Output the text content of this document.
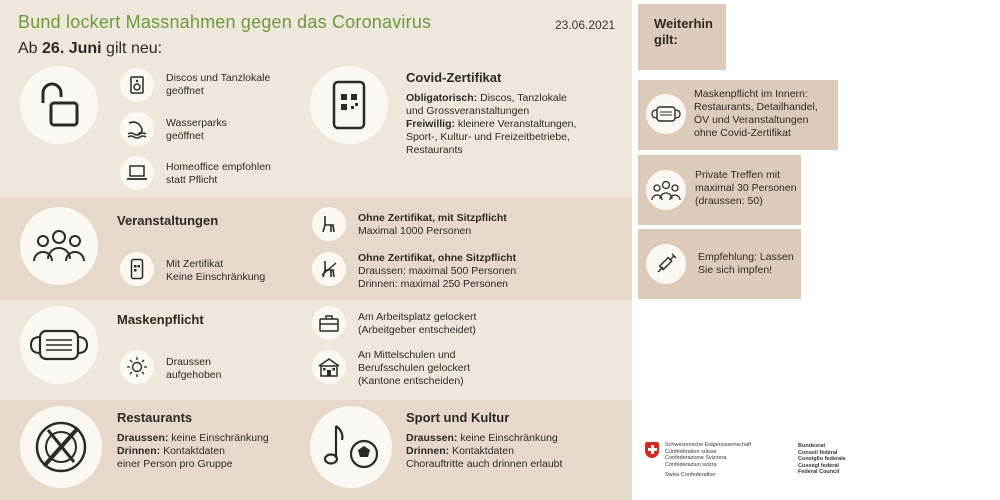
Bund lockert Massnahmen gegen das Coronavirus	23.06.2021
Ab 26. Juni gilt neu:
Discos und Tanzlokale
geöffnet
Wasserparks
geöffnet
Homeoffice empfohlen
statt Pflicht
Covid-Zertifikat
Obligatorisch: Discos, Tanzlokale
und Grossveranstaltungen
Freiwillig: kleinere Veranstaltungen,
Sport-, Kultur- und Freizeitbetriebe,
Restaurants
Veranstaltungen
Mit Zertifikat
Keine Einschränkung
Ohne Zertifikat, mit Sitzpflicht
Maximal 1000 Personen
Ohne Zertifikat, ohne Sitzpflicht
Draussen: maximal 500 Personen
Drinnen: maximal 250 Personen
Maskenpflicht
Draussen
aufgehoben
Am Arbeitsplatz gelockert
(Arbeitgeber entscheidet)
An Mittelschulen und
Berufsschulen gelockert
(Kantone entscheiden)
Restaurants
Draussen: keine Einschränkung
Drinnen: Kontaktdaten
einer Person pro Gruppe
Sport und Kultur
Draussen: keine Einschränkung
Drinnen: Kontaktdaten
Chorauftritte auch drinnen erlaubt
Weiterhin
gilt:
Maskenpflicht im Innern:
Restaurants, Detailhandel,
ÖV und Veranstaltungen
ohne Covid-Zertifikat
Private Treffen mit
maximal 30 Personen
(draussen: 50)
Empfehlung: Lassen
Sie sich impfen!
Schweizerische Eidgenossenschaft
Confédération suisse
Confederazione Svizzera
Confederaziun svizra
Swiss Confederation
Bundesrat
Conseil fédéral
Consiglio federale
Cussegl federal
Federal Council
